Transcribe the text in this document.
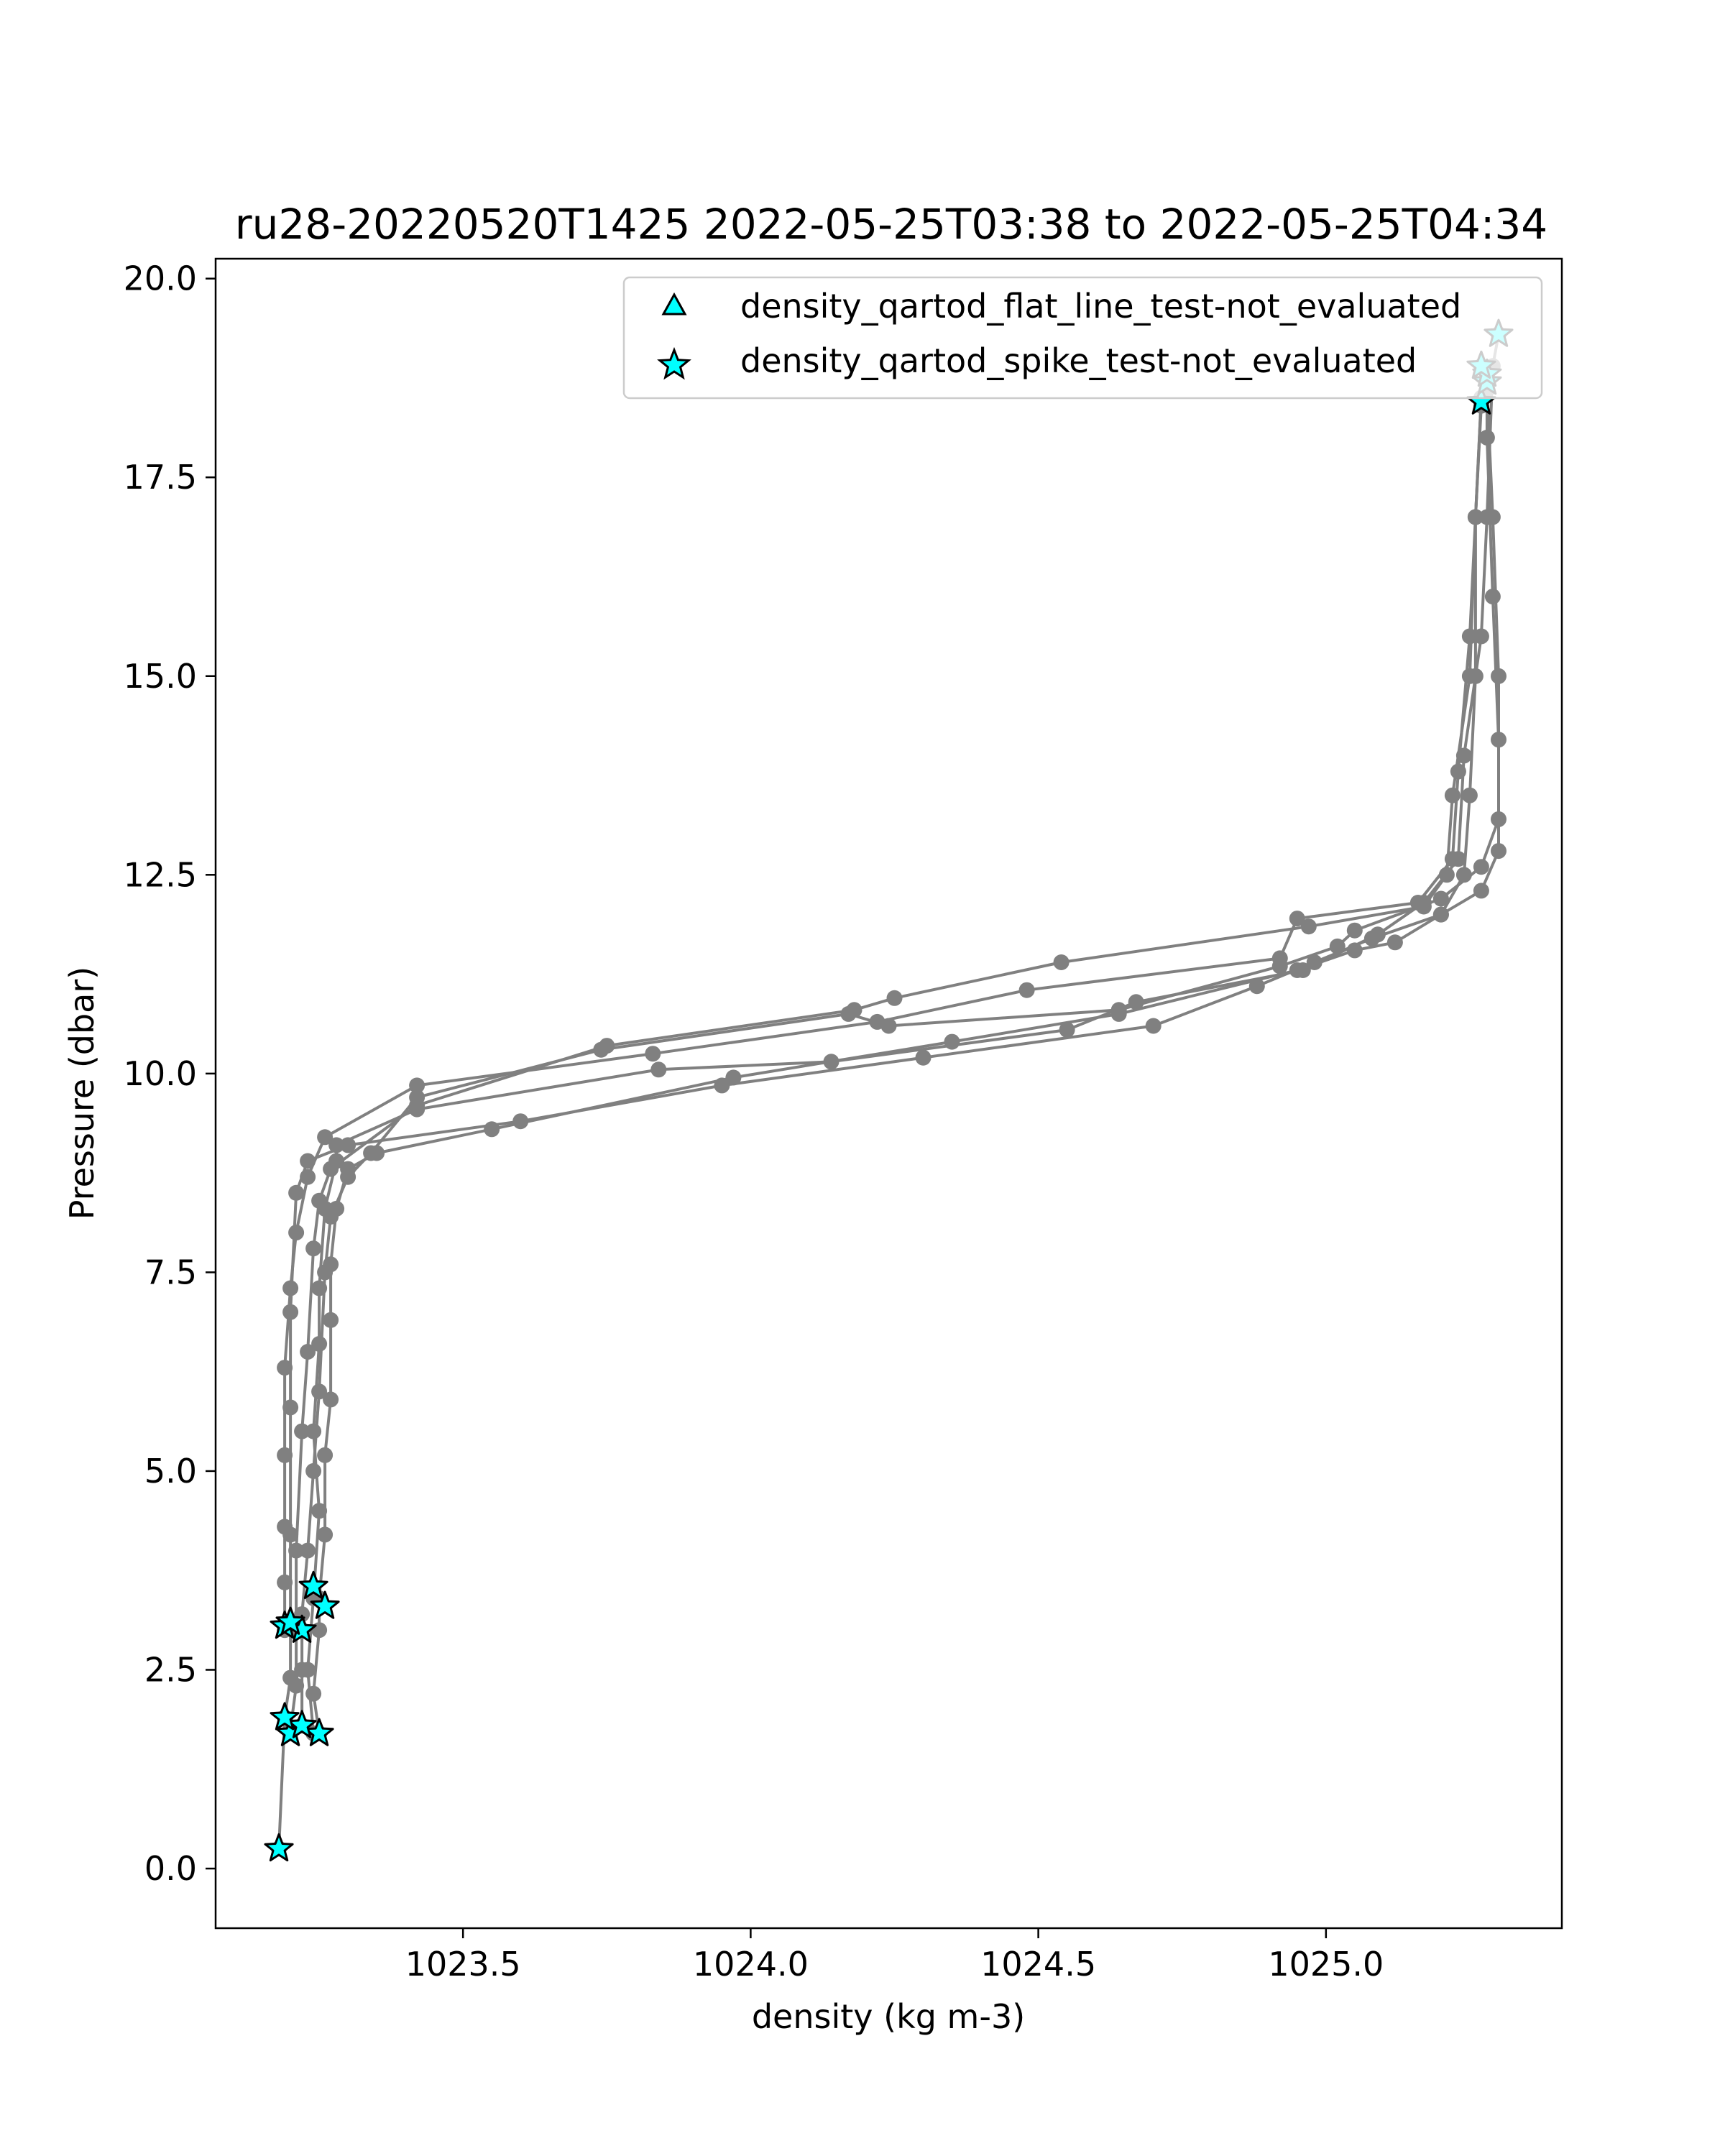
ru28-20220520T1425 2022-05-25T03:38 to 2022-05-25T04:34
1023.5	1024.0	1024.5	1025.0
0.0
2.5
5.0
7.5
10.0
12.5
15.0
17.5
20.0
density (kg m-3)
Pressure (dbar)
density_qartod_flat_line_test-not_evaluated
density_qartod_spike_test-not_evaluated
